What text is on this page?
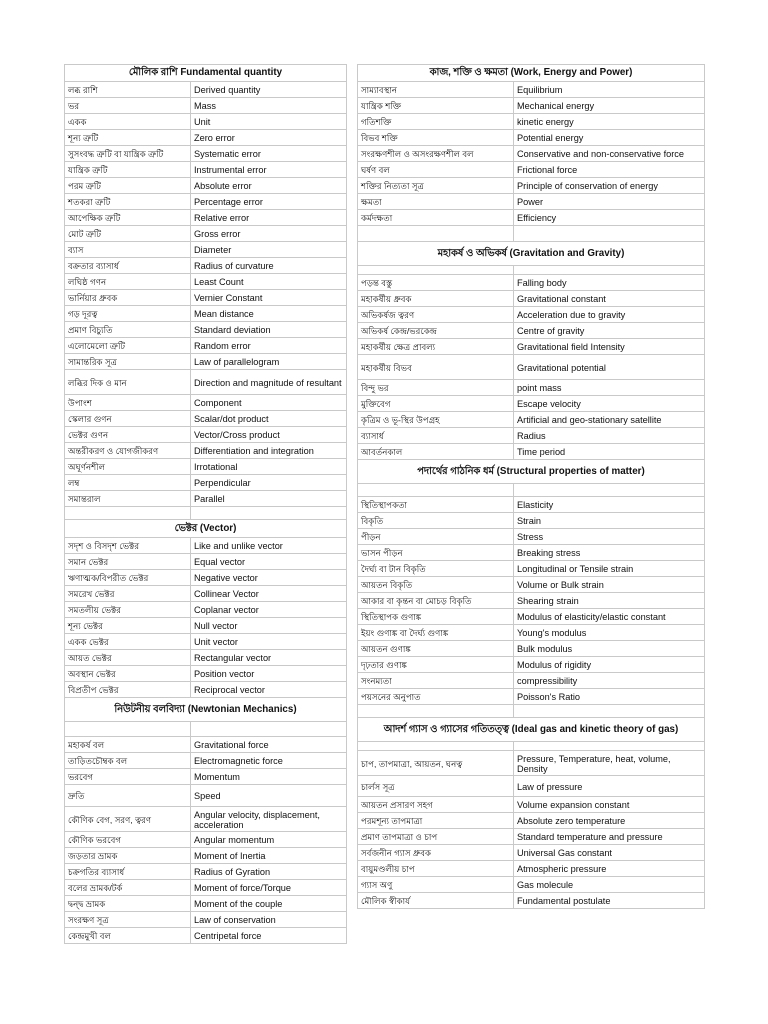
মৌলিক রাশি Fundamental quantity
লব্ধ রাশি	Derived quantity
ভর	Mass
একক	Unit
শূন্য ত্রুটি	Zero error
সুসংবদ্ধ ত্রুটি বা যান্ত্রিক ত্রুটি	Systematic error
যান্ত্রিক ত্রুটি	Instrumental error
পরম ত্রুটি	Absolute error
শতকরা ত্রুটি	Percentage error
আপেক্ষিক ত্রুটি	Relative error
মোট ত্রুটি	Gross error
ব্যাস	Diameter
বক্রতার ব্যাসার্ধ	Radius of curvature
লঘিষ্ঠ গণন	Least Count
ভার্নিয়ার ধ্রুবক	Vernier Constant
গড় দূরত্ব	Mean distance
প্রমাণ বিচ্যুতি	Standard deviation
এলোমেলো ত্রুটি	Random error
সামান্তরিক সূত্র	Law of parallelogram
লব্ধির দিক ও মান	Direction and magnitude of resultant
উপাংশ	Component
স্কেলার গুণন	Scalar/dot product
ভেক্টর গুণন	Vector/Cross product
অন্তরীকরণ ও যোগজীকরণ	Differentiation and integration
অঘূর্ণনশীল	Irrotational
লম্ব	Perpendicular
সমান্তরাল	Parallel
ভেক্টর (Vector)
সদৃশ ও বিসদৃশ ভেক্টর	Like and unlike vector
সমান ভেক্টর	Equal vector
ঋণাত্মক/বিপরীত ভেক্টর	Negative vector
সমরেখ ভেক্টর	Collinear Vector
সমতলীয় ভেক্টর	Coplanar vector
শূন্য ভেক্টর	Null vector
একক ভেক্টর	Unit vector
আয়ত ভেক্টর	Rectangular vector
অবস্থান ভেক্টর	Position vector
বিপ্রতীপ ভেক্টর	Reciprocal vector
নিউটনীয় বলবিদ্যা (Newtonian Mechanics)
মহাকর্ষ বল	Gravitational force
তাড়িতচৌম্বক বল	Electromagnetic force
ভরবেগ	Momentum
দ্রুতি	Speed
কৌণিক বেগ, সরণ, ত্বরণ	Angular velocity, displacement, acceleration
কৌণিক ভরবেগ	Angular momentum
জড়তার ভ্রামক	Moment of Inertia
চক্রগতির ব্যাসার্ধ	Radius of Gyration
বলের ভ্রামক/টর্ক	Moment of force/Torque
দ্বন্দ্ব ভ্রামক	Moment of the couple
সংরক্ষণ সূত্র	Law of conservation
কেন্দ্রমুখী বল	Centripetal force
কাজ, শক্তি ও ক্ষমতা (Work, Energy and Power)
সাম্যাবস্থান	Equilibrium
যান্ত্রিক শক্তি	Mechanical energy
গতিশক্তি	kinetic energy
বিভব শক্তি	Potential energy
সংরক্ষণশীল ও অসংরক্ষণশীল বল	Conservative and non-conservative force
ঘর্ষণ বল	Frictional force
শক্তির নিত্যতা সূত্র	Principle of conservation of energy
ক্ষমতা	Power
কর্মদক্ষতা	Efficiency
মহাকর্ষ ও অভিকর্ষ (Gravitation and Gravity)
পড়ন্ত বস্তু	Falling body
মহাকর্ষীয় ধ্রুবক	Gravitational constant
অভিকর্ষজ ত্বরণ	Acceleration due to gravity
অভিকর্ষ কেন্দ্র/ভরকেন্দ্র	Centre of gravity
মহাকর্ষীয় ক্ষেত্র প্রাবল্য	Gravitational field Intensity
মহাকর্ষীয় বিভব	Gravitational potential
বিন্দু ভর	point mass
মুক্তিবেগ	Escape velocity
কৃত্রিম ও ভূ-স্থির উপগ্রহ	Artificial and geo-stationary satellite
ব্যাসার্ধ	Radius
আবর্তনকাল	Time period
পদার্থের গাঠনিক ধর্ম (Structural properties of matter)
স্থিতিস্থাপকতা	Elasticity
বিকৃতি	Strain
পীড়ন	Stress
ভাসন পীড়ন	Breaking stress
দৈর্ঘ্য বা টান বিকৃতি	Longitudinal or Tensile strain
আয়তন বিকৃতি	Volume or Bulk strain
আকার বা কৃন্তন বা মোচড় বিকৃতি	Shearing strain
স্থিতিস্থাপক গুণাঙ্ক	Modulus of elasticity/elastic constant
ইয়ং গুণাঙ্ক বা দৈর্ঘ্য গুণাঙ্ক	Young's modulus
আয়তন গুণাঙ্ক	Bulk modulus
দৃঢ়তার গুণাঙ্ক	Modulus of rigidity
সংনম্যতা	compressibility
পয়সনের অনুপাত	Poisson's Ratio
আদর্শ গ্যাস ও গ্যাসের গতিতত্ত্ব (Ideal gas and kinetic theory of gas)
চাপ, তাপমাত্রা, আয়তন, ঘনত্ব	Pressure, Temperature, heat, volume, Density
চার্লস সূত্র	Law of pressure
আয়তন প্রসারণ সহগ	Volume expansion constant
পরমশূন্য তাপমাত্রা	Absolute zero temperature
প্রমাণ তাপমাত্রা ও চাপ	Standard temperature and pressure
সর্বজনীন গ্যাস ধ্রুবক	Universal Gas constant
বায়ুমণ্ডলীয় চাপ	Atmospheric pressure
গ্যাস অণু	Gas molecule
মৌলিক স্বীকার্য	Fundamental postulate
